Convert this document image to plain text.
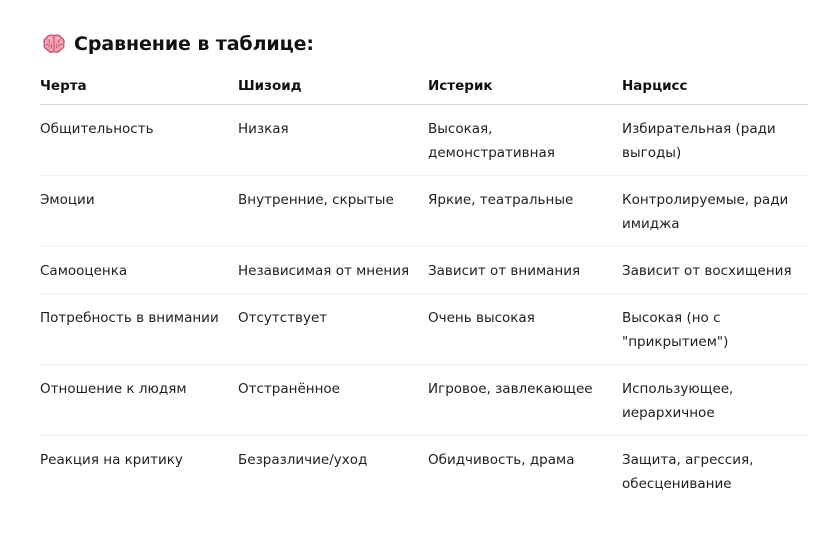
Сравнение в таблице:
Черта	Шизоид	Истерик	Нарцисс
Общительность	Низкая	Высокая, демонстративная	Избирательная (ради выгоды)
Эмоции	Внутренние, скрытые	Яркие, театральные	Контролируемые, ради имиджа
Самооценка	Независимая от мнения	Зависит от внимания	Зависит от восхищения
Потребность в внимании	Отсутствует	Очень высокая	Высокая (но с "прикрытием")
Отношение к людям	Отстранённое	Игровое, завлекающее	Использующее, иерархичное
Реакция на критику	Безразличие/уход	Обидчивость, драма	Защита, агрессия, обесценивание
